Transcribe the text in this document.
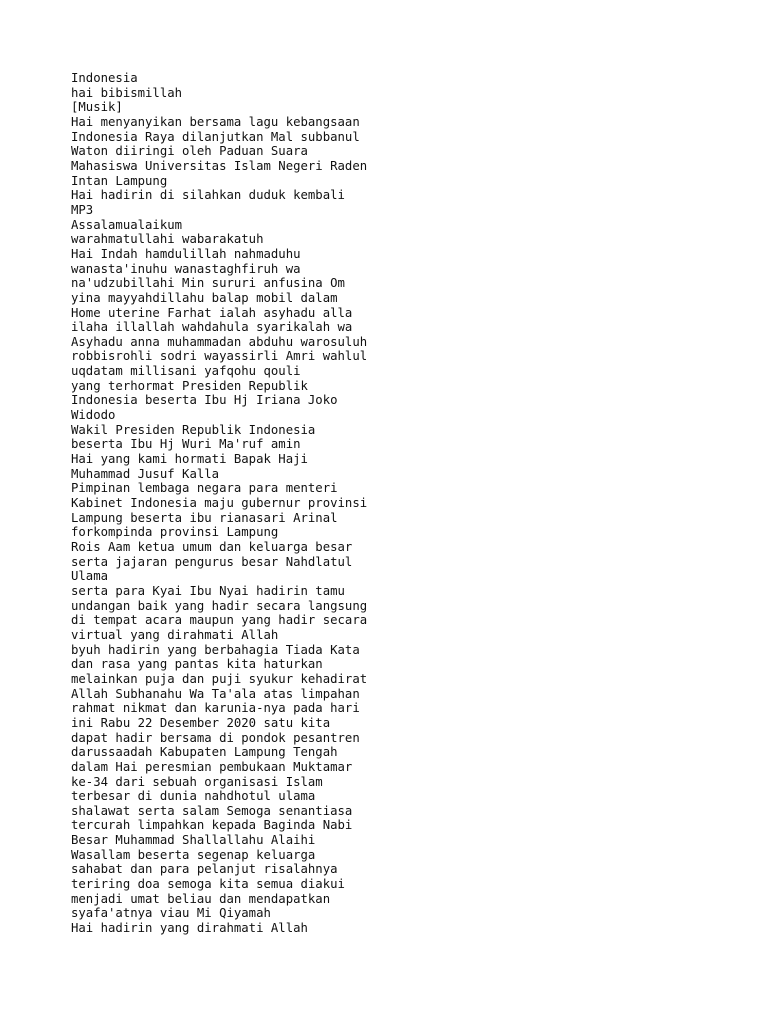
Indonesia
hai bibismillah
[Musik]
Hai menyanyikan bersama lagu kebangsaan
Indonesia Raya dilanjutkan Mal subbanul
Waton diiringi oleh Paduan Suara
Mahasiswa Universitas Islam Negeri Raden
Intan Lampung
Hai hadirin di silahkan duduk kembali
MP3
Assalamualaikum
warahmatullahi wabarakatuh
Hai Indah hamdulillah nahmaduhu
wanasta'inuhu wanastaghfiruh wa
na'udzubillahi Min sururi anfusina Om
yina mayyahdillahu balap mobil dalam
Home uterine Farhat ialah asyhadu alla
ilaha illallah wahdahula syarikalah wa
Asyhadu anna muhammadan abduhu warosuluh
robbisrohli sodri wayassirli Amri wahlul
uqdatam millisani yafqohu qouli
yang terhormat Presiden Republik
Indonesia beserta Ibu Hj Iriana Joko
Widodo
Wakil Presiden Republik Indonesia
beserta Ibu Hj Wuri Ma'ruf amin
Hai yang kami hormati Bapak Haji
Muhammad Jusuf Kalla
Pimpinan lembaga negara para menteri
Kabinet Indonesia maju gubernur provinsi
Lampung beserta ibu rianasari Arinal
forkompinda provinsi Lampung
Rois Aam ketua umum dan keluarga besar
serta jajaran pengurus besar Nahdlatul
Ulama
serta para Kyai Ibu Nyai hadirin tamu
undangan baik yang hadir secara langsung
di tempat acara maupun yang hadir secara
virtual yang dirahmati Allah
byuh hadirin yang berbahagia Tiada Kata
dan rasa yang pantas kita haturkan
melainkan puja dan puji syukur kehadirat
Allah Subhanahu Wa Ta'ala atas limpahan
rahmat nikmat dan karunia-nya pada hari
ini Rabu 22 Desember 2020 satu kita
dapat hadir bersama di pondok pesantren
darussaadah Kabupaten Lampung Tengah
dalam Hai peresmian pembukaan Muktamar
ke-34 dari sebuah organisasi Islam
terbesar di dunia nahdhotul ulama
shalawat serta salam Semoga senantiasa
tercurah limpahkan kepada Baginda Nabi
Besar Muhammad Shallallahu Alaihi
Wasallam beserta segenap keluarga
sahabat dan para pelanjut risalahnya
teriring doa semoga kita semua diakui
menjadi umat beliau dan mendapatkan
syafa'atnya viau Mi Qiyamah
Hai hadirin yang dirahmati Allah
